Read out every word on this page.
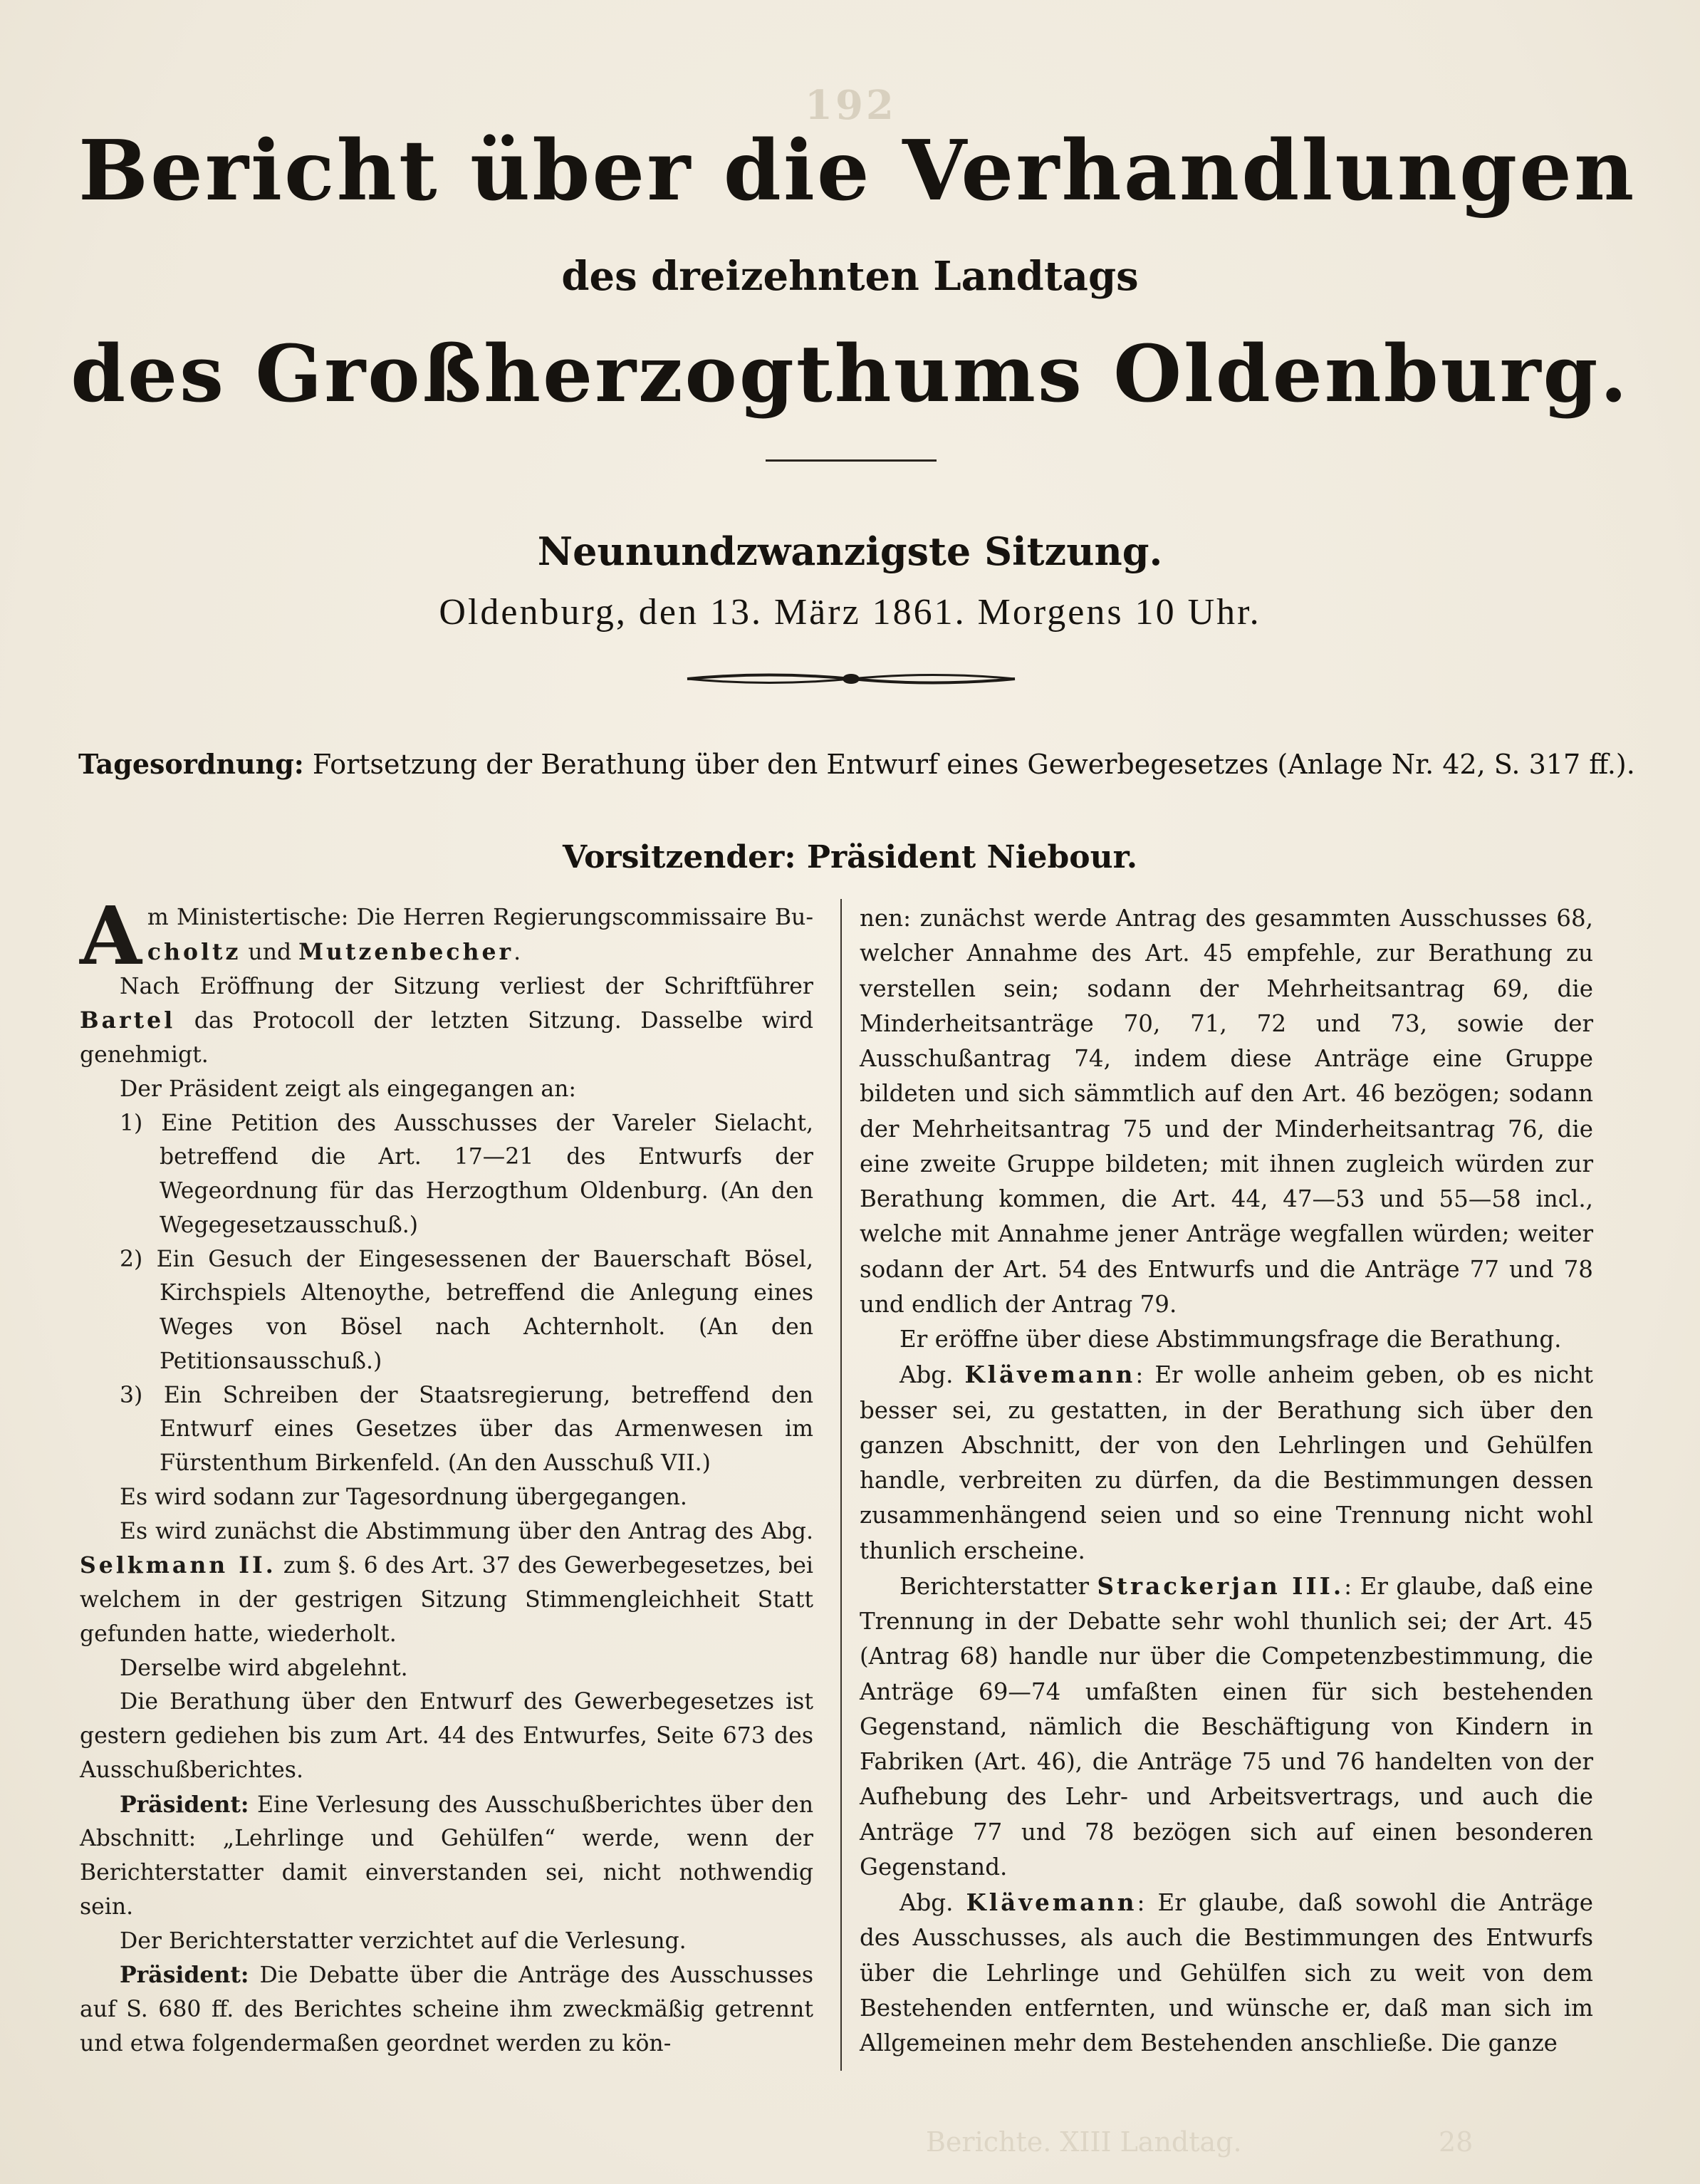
192
Berichte. XIII Landtag.	28
Bericht über die Verhandlungen
des dreizehnten Landtags
des Großherzogthums Oldenburg.
Neunundzwanzigste Sitzung.
Oldenburg, den 13. März 1861. Morgens 10 Uhr.
Tagesordnung: Fortsetzung der Berathung über den Entwurf eines Gewerbegesetzes (Anlage Nr. 42, S. 317 ff.).
Vorsitzender: Präsident Niebour.

Am Ministertische: Die Herren Regierungscommissaire Bu- choltz und Mutzenbecher.

Nach Eröffnung der Sitzung verliest der Schriftführer Bartel das Protocoll der letzten Sitzung. Dasselbe wird genehmigt.

Der Präsident zeigt als eingegangen an:

1) Eine Petition des Ausschusses der Vareler Sielacht, betreffend die Art. 17—21 des Entwurfs der Wegeordnung für das Herzogthum Oldenburg. (An den Wegegesetzausschuß.)

2) Ein Gesuch der Eingesessenen der Bauerschaft Bösel, Kirchspiels Altenoythe, betreffend die Anlegung eines Weges von Bösel nach Achternholt. (An den Petitionsausschuß.)

3) Ein Schreiben der Staatsregierung, betreffend den Entwurf eines Gesetzes über das Armenwesen im Fürstenthum Birkenfeld. (An den Ausschuß VII.)

Es wird sodann zur Tagesordnung übergegangen.

Es wird zunächst die Abstimmung über den Antrag des Abg. Selkmann II. zum §. 6 des Art. 37 des Gewerbegesetzes, bei welchem in der gestrigen Sitzung Stimmengleichheit Statt gefunden hatte, wiederholt.

Derselbe wird abgelehnt.

Die Berathung über den Entwurf des Gewerbegesetzes ist gestern gediehen bis zum Art. 44 des Entwurfes, Seite 673 des Ausschußberichtes.

Präsident: Eine Verlesung des Ausschußberichtes über den Abschnitt: „Lehrlinge und Gehülfen“ werde, wenn der Berichterstatter damit einverstanden sei, nicht nothwendig sein.

Der Berichterstatter verzichtet auf die Verlesung.

Präsident: Die Debatte über die Anträge des Ausschusses auf S. 680 ff. des Berichtes scheine ihm zweckmäßig getrennt und etwa folgendermaßen geordnet werden zu kön-

nen: zunächst werde Antrag des gesammten Ausschusses 68, welcher Annahme des Art. 45 empfehle, zur Berathung zu verstellen sein; sodann der Mehrheitsantrag 69, die Minderheitsanträge 70, 71, 72 und 73, sowie der Ausschußantrag 74, indem diese Anträge eine Gruppe bildeten und sich sämmtlich auf den Art. 46 bezögen; sodann der Mehrheitsantrag 75 und der Minderheitsantrag 76, die eine zweite Gruppe bildeten; mit ihnen zugleich würden zur Berathung kommen, die Art. 44, 47—53 und 55—58 incl., welche mit Annahme jener Anträge wegfallen würden; weiter sodann der Art. 54 des Entwurfs und die Anträge 77 und 78 und endlich der Antrag 79.

Er eröffne über diese Abstimmungsfrage die Berathung.

Abg. Klävemann: Er wolle anheim geben, ob es nicht besser sei, zu gestatten, in der Berathung sich über den ganzen Abschnitt, der von den Lehrlingen und Gehülfen handle, verbreiten zu dürfen, da die Bestimmungen dessen zusammenhängend seien und so eine Trennung nicht wohl thunlich erscheine.

Berichterstatter Strackerjan III.: Er glaube, daß eine Trennung in der Debatte sehr wohl thunlich sei; der Art. 45 (Antrag 68) handle nur über die Competenzbestimmung, die Anträge 69—74 umfaßten einen für sich bestehenden Gegenstand, nämlich die Beschäftigung von Kindern in Fabriken (Art. 46), die Anträge 75 und 76 handelten von der Aufhebung des Lehr- und Arbeitsvertrags, und auch die Anträge 77 und 78 bezögen sich auf einen besonderen Gegenstand.

Abg. Klävemann: Er glaube, daß sowohl die Anträge des Ausschusses, als auch die Bestimmungen des Entwurfs über die Lehrlinge und Gehülfen sich zu weit von dem Bestehenden entfernten, und wünsche er, daß man sich im Allgemeinen mehr dem Bestehenden anschließe. Die ganze
